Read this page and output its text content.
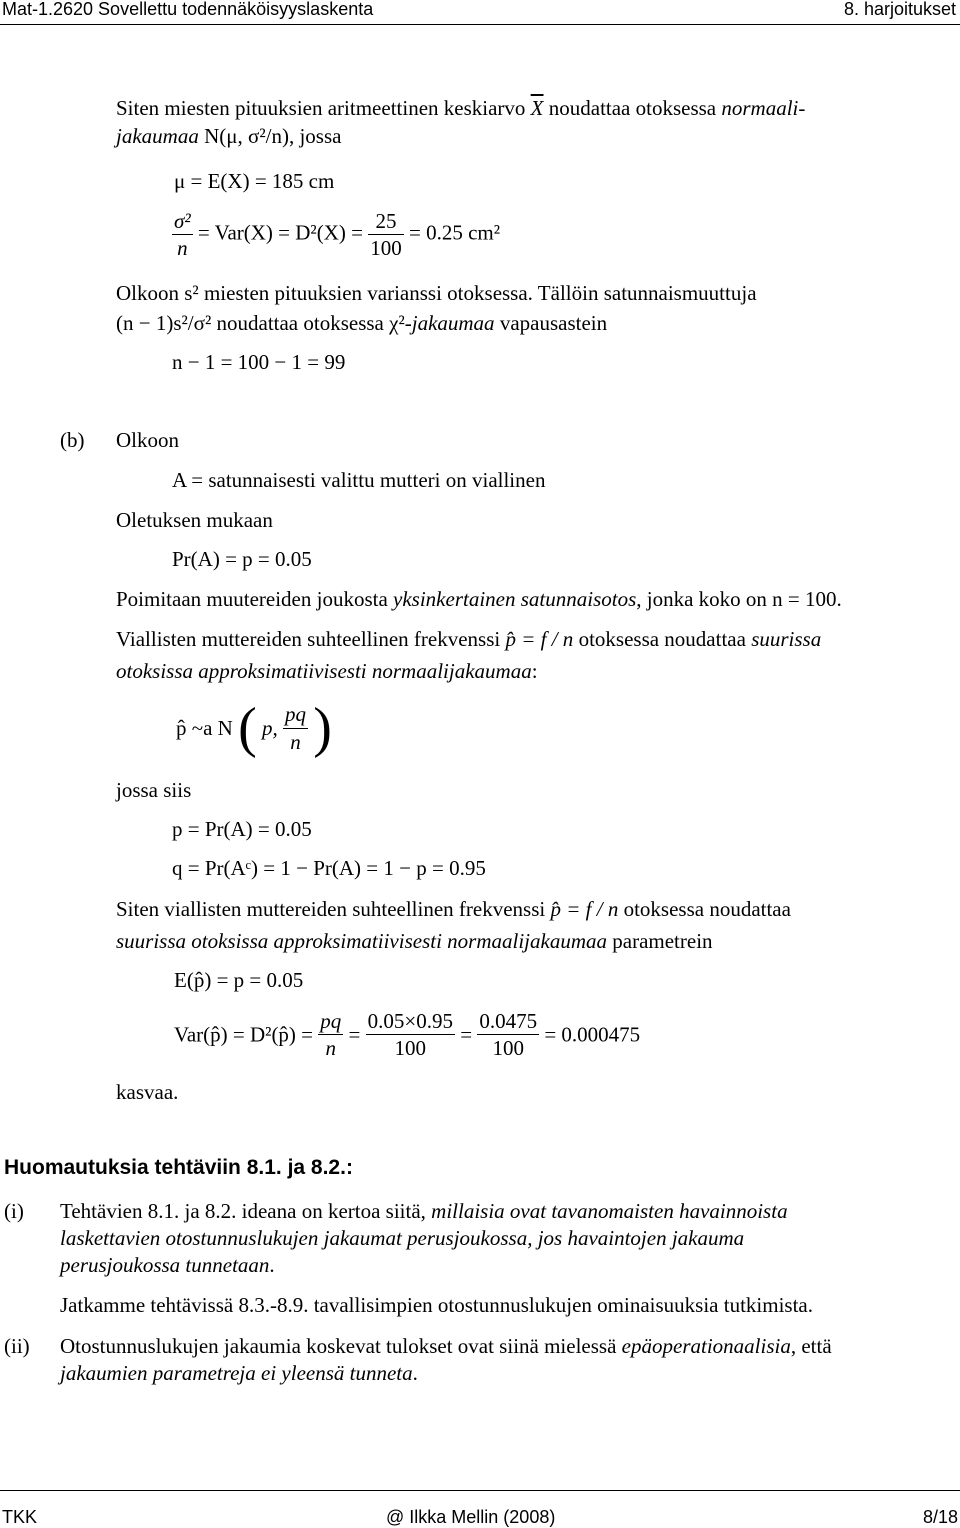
Mat-1.2620 Sovellettu todennäköisyyslaskenta	8. harjoitukset
Siten miesten pituuksien aritmeettinen keskiarvo $\overline{X}$ noudattaa otoksessa normaali-
jakaumaa N(μ, σ²/n), jossa
μ = E(X) = 185 cm
$\frac{\text{σ²}}{n} = Var(X) = D^2(X) = \frac{25}{100} = 0.25$ cm²
Olkoon s² miesten pituuksien varianssi otoksessa. Tällöin satunnaismuuttuja
(n − 1)s²/σ² noudattaa otoksessa χ²-jakaumaa vapausastein
n − 1 = 100 − 1 = 99
(b) Olkoon
A = satunnaisesti valittu mutteri on viallinen
Oletuksen mukaan
Pr(A) = p = 0.05
Poimitaan muutereiden joukosta yksinkertainen satunnaisotos, jonka koko on n = 100.
Viallisten muttereiden suhteellinen frekvenssi p̂ = f / n otoksessa noudattaa suurissa
otoksissa approksimatiivisesti normaalijakaumaa:
p̂ ~a N ( p, $\frac{pq}{n}$ )
jossa siis
p = Pr(A) = 0.05
q = Pr(Aᶜ) = 1 − Pr(A) = 1 − p = 0.95
Siten viallisten muttereiden suhteellinen frekvenssi p̂ = f / n otoksessa noudattaa
suurissa otoksissa approksimatiivisesti normaalijakaumaa parametrein
E(p̂) = p = 0.05
Var(p̂) = D²(p̂) = $\frac{pq}{n} = \frac{0.05\times 0.95}{100} = \frac{0.0475}{100} = 0.000475$
kasvaa.
Huomautuksia tehtäviin 8.1. ja 8.2.:
(i) Tehtävien 8.1. ja 8.2. ideana on kertoa siitä, millaisia ovat tavanomaisten havainnoista
laskettavien otostunnuslukujen jakaumat perusjoukossa, jos havaintojen jakauma
perusjoukossa tunnetaan.
Jatkamme tehtävissä 8.3.-8.9. tavallisimpien otostunnuslukujen ominaisuuksia tutkimista.
(ii) Otostunnuslukujen jakaumia koskevat tulokset ovat siinä mielessä epäoperationaalisia, että
jakaumien parametreja ei yleensä tunneta.
TKK	@ Ilkka Mellin (2008)	8/18
